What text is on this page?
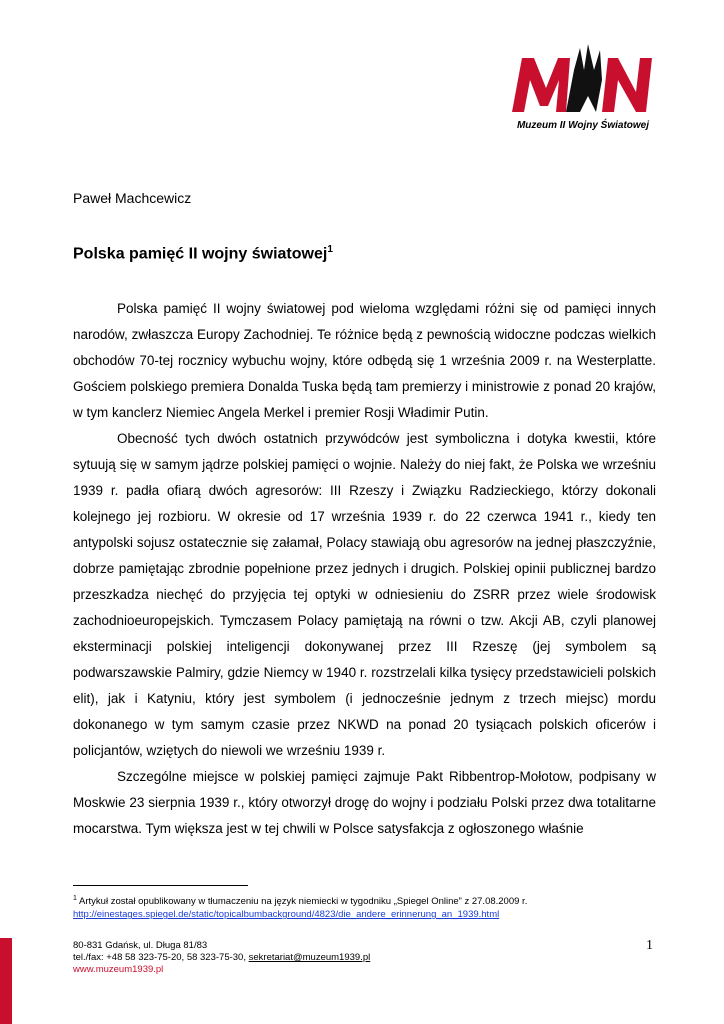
Muzeum II Wojny Światowej
Paweł Machcewicz
Polska pamięć II wojny światowej$^1$

Polska pamięć II wojny światowej pod wieloma względami różni się od pamięci innych narodów, zwłaszcza Europy Zachodniej. Te różnice będą z pewnością widoczne podczas wielkich obchodów 70-tej rocznicy wybuchu wojny, które odbędą się 1 września 2009 r. na Westerplatte. Gościem polskiego premiera Donalda Tuska będą tam premierzy i ministrowie z ponad 20 krajów, w tym kanclerz Niemiec Angela Merkel i premier Rosji Władimir Putin.

Obecność tych dwóch ostatnich przywódców jest symboliczna i dotyka kwestii, które sytuują się w samym jądrze polskiej pamięci o wojnie. Należy do niej fakt, że Polska we wrześniu 1939 r. padła ofiarą dwóch agresorów: III Rzeszy i Związku Radzieckiego, którzy dokonali kolejnego jej rozbioru. W okresie od 17 września 1939 r. do 22 czerwca 1941 r., kiedy ten antypolski sojusz ostatecznie się załamał, Polacy stawiają obu agresorów na jednej płaszczyźnie, dobrze pamiętając zbrodnie popełnione przez jednych i drugich. Polskiej opinii publicznej bardzo przeszkadza niechęć do przyjęcia tej optyki w odniesieniu do ZSRR przez wiele środowisk zachodnioeuropejskich. Tymczasem Polacy pamiętają na równi o tzw. Akcji AB, czyli planowej eksterminacji polskiej inteligencji dokonywanej przez III Rzeszę (jej symbolem są podwarszawskie Palmiry, gdzie Niemcy w 1940 r. rozstrzelali kilka tysięcy przedstawicieli polskich elit), jak i Katyniu, który jest symbolem (i jednocześnie jednym z trzech miejsc) mordu dokonanego w tym samym czasie przez NKWD na ponad 20 tysiącach polskich oficerów i policjantów, wziętych do niewoli we wrześniu 1939 r.

Szczególne miejsce w polskiej pamięci zajmuje Pakt Ribbentrop-Mołotow, podpisany w Moskwie 23 sierpnia 1939 r., który otworzył drogę do wojny i podziału Polski przez dwa totalitarne mocarstwa. Tym większa jest w tej chwili w Polsce satysfakcja z ogłoszonego właśnie

$^1$ Artykuł został opublikowany w tłumaczeniu na język niemiecki w tygodniku „Spiegel Online” z 27.08.2009 r.
http://einestages.spiegel.de/static/topicalbumbackground/4823/die_andere_erinnerung_an_1939.html
80-831 Gdańsk, ul. Długa 81/83
tel./fax: +48 58 323-75-20, 58 323-75-30, sekretariat@muzeum1939.pl
www.muzeum1939.pl
1
